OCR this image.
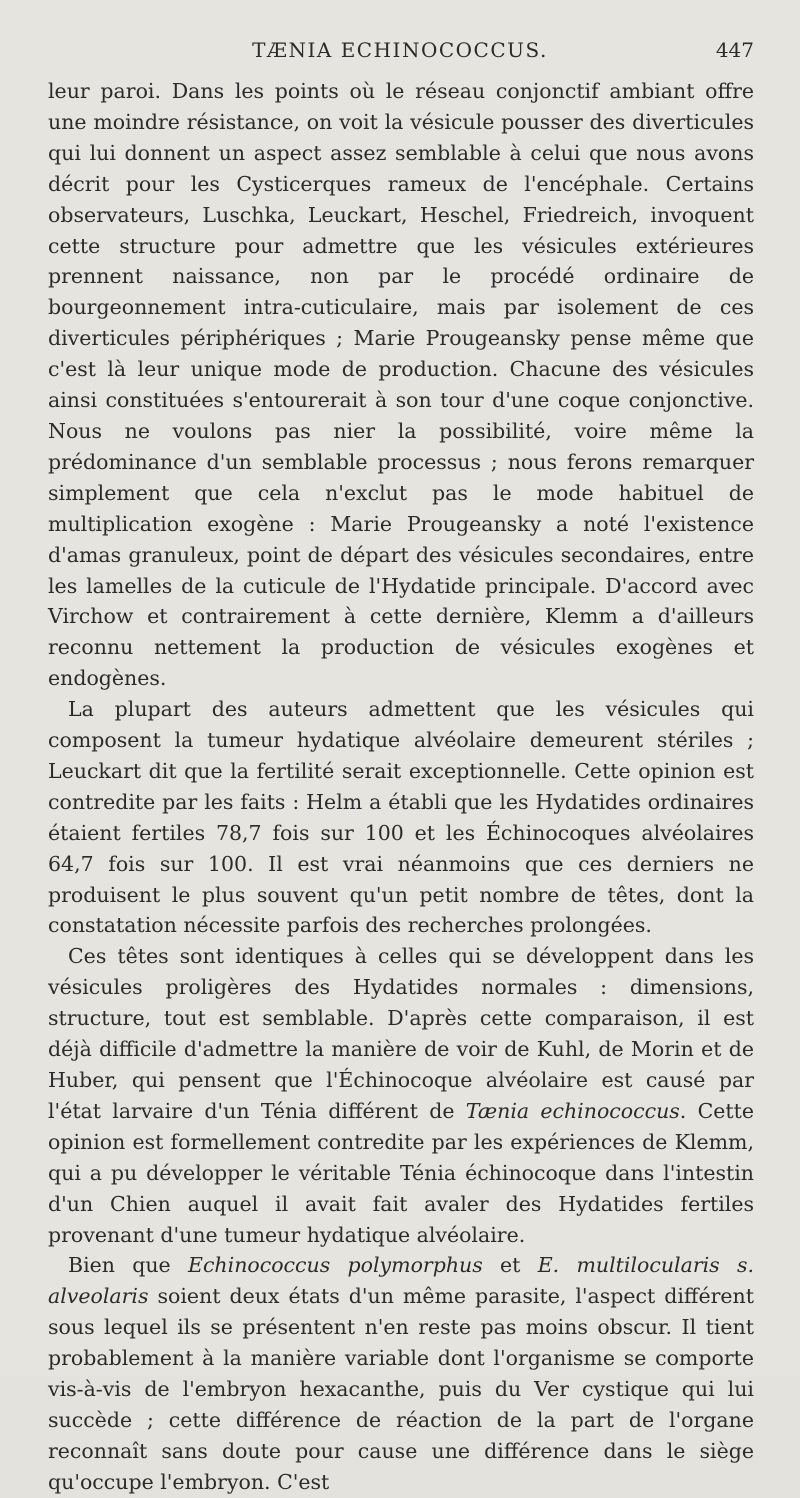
TÆNIA ECHINOCOCCUS.	447

leur paroi. Dans les points où le réseau conjonctif ambiant offre une moindre résistance, on voit la vésicule pousser des diverticules qui lui donnent un aspect assez semblable à celui que nous avons décrit pour les Cysticerques rameux de l'encéphale. Certains observateurs, Luschka, Leuckart, Heschel, Friedreich, invoquent cette structure pour admettre que les vésicules extérieures prennent naissance, non par le procédé ordinaire de bourgeonnement intra-cuticulaire, mais par isolement de ces diverticules périphériques ; Marie Prougeansky pense même que c'est là leur unique mode de production. Chacune des vésicules ainsi constituées s'entourerait à son tour d'une coque conjonctive. Nous ne voulons pas nier la possibilité, voire même la prédominance d'un semblable processus ; nous ferons remarquer simplement que cela n'exclut pas le mode habituel de multiplication exogène : Marie Prougeansky a noté l'existence d'amas granuleux, point de départ des vésicules secondaires, entre les lamelles de la cuticule de l'Hydatide principale. D'accord avec Virchow et contrairement à cette dernière, Klemm a d'ailleurs reconnu nettement la production de vésicules exogènes et endogènes.

La plupart des auteurs admettent que les vésicules qui composent la tumeur hydatique alvéolaire demeurent stériles ; Leuckart dit que la fertilité serait exceptionnelle. Cette opinion est contredite par les faits : Helm a établi que les Hydatides ordinaires étaient fertiles 78,7 fois sur 100 et les Échinocoques alvéolaires 64,7 fois sur 100. Il est vrai néanmoins que ces derniers ne produisent le plus souvent qu'un petit nombre de têtes, dont la constatation nécessite parfois des recherches prolongées.

Ces têtes sont identiques à celles qui se développent dans les vésicules proligères des Hydatides normales : dimensions, structure, tout est semblable. D'après cette comparaison, il est déjà difficile d'admettre la manière de voir de Kuhl, de Morin et de Huber, qui pensent que l'Échinocoque alvéolaire est causé par l'état larvaire d'un Ténia différent de Tænia echinococcus. Cette opinion est formellement contredite par les expériences de Klemm, qui a pu développer le véritable Ténia échinocoque dans l'intestin d'un Chien auquel il avait fait avaler des Hydatides fertiles provenant d'une tumeur hydatique alvéolaire.

Bien que Echinococcus polymorphus et E. multilocularis s. alveolaris soient deux états d'un même parasite, l'aspect différent sous lequel ils se présentent n'en reste pas moins obscur. Il tient probablement à la manière variable dont l'organisme se comporte vis-à-vis de l'embryon hexacanthe, puis du Ver cystique qui lui succède ; cette différence de réaction de la part de l'organe reconnaît sans doute pour cause une différence dans le siège qu'occupe l'embryon. C'est
